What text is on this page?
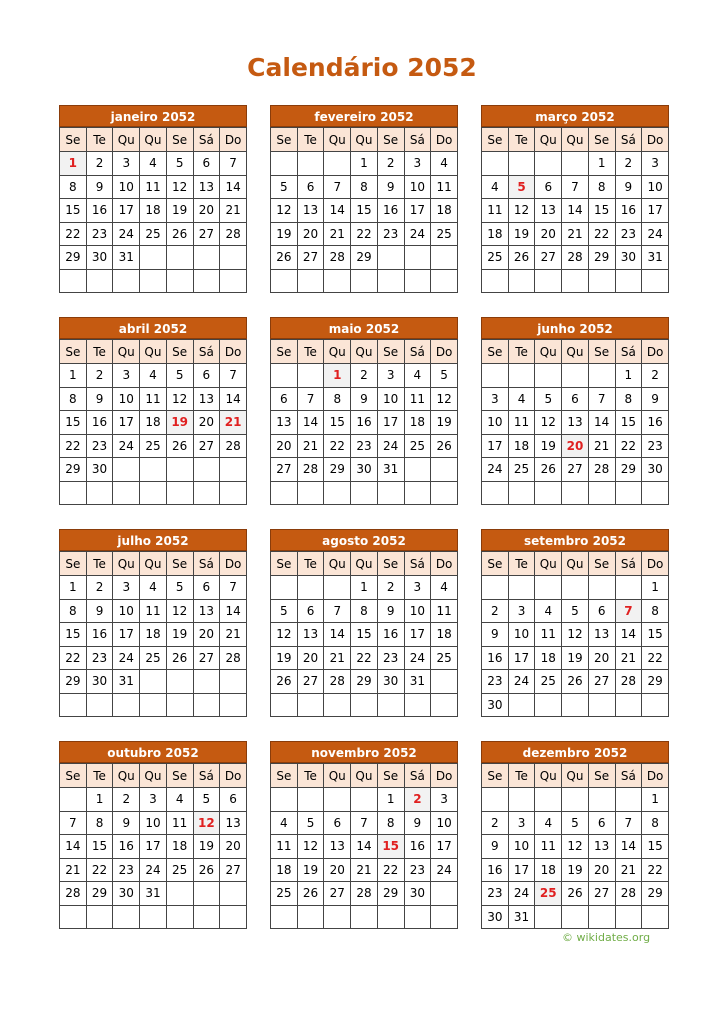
Calendário 2052
janeiro 2052
Se	Te	Qu	Qu	Se	Sá	Do
1	2	3	4	5	6	7
8	9	10	11	12	13	14
15	16	17	18	19	20	21
22	23	24	25	26	27	28
29	30	31				

fevereiro 2052
Se	Te	Qu	Qu	Se	Sá	Do
			1	2	3	4
5	6	7	8	9	10	11
12	13	14	15	16	17	18
19	20	21	22	23	24	25
26	27	28	29			

março 2052
Se	Te	Qu	Qu	Se	Sá	Do
				1	2	3
4	5	6	7	8	9	10
11	12	13	14	15	16	17
18	19	20	21	22	23	24
25	26	27	28	29	30	31

abril 2052
Se	Te	Qu	Qu	Se	Sá	Do
1	2	3	4	5	6	7
8	9	10	11	12	13	14
15	16	17	18	19	20	21
22	23	24	25	26	27	28
29	30					

maio 2052
Se	Te	Qu	Qu	Se	Sá	Do
		1	2	3	4	5
6	7	8	9	10	11	12
13	14	15	16	17	18	19
20	21	22	23	24	25	26
27	28	29	30	31		

junho 2052
Se	Te	Qu	Qu	Se	Sá	Do
					1	2
3	4	5	6	7	8	9
10	11	12	13	14	15	16
17	18	19	20	21	22	23
24	25	26	27	28	29	30

julho 2052
Se	Te	Qu	Qu	Se	Sá	Do
1	2	3	4	5	6	7
8	9	10	11	12	13	14
15	16	17	18	19	20	21
22	23	24	25	26	27	28
29	30	31				

agosto 2052
Se	Te	Qu	Qu	Se	Sá	Do
			1	2	3	4
5	6	7	8	9	10	11
12	13	14	15	16	17	18
19	20	21	22	23	24	25
26	27	28	29	30	31	

setembro 2052
Se	Te	Qu	Qu	Se	Sá	Do
						1
2	3	4	5	6	7	8
9	10	11	12	13	14	15
16	17	18	19	20	21	22
23	24	25	26	27	28	29
30						
outubro 2052
Se	Te	Qu	Qu	Se	Sá	Do
	1	2	3	4	5	6
7	8	9	10	11	12	13
14	15	16	17	18	19	20
21	22	23	24	25	26	27
28	29	30	31			

novembro 2052
Se	Te	Qu	Qu	Se	Sá	Do
				1	2	3
4	5	6	7	8	9	10
11	12	13	14	15	16	17
18	19	20	21	22	23	24
25	26	27	28	29	30	

dezembro 2052
Se	Te	Qu	Qu	Se	Sá	Do
						1
2	3	4	5	6	7	8
9	10	11	12	13	14	15
16	17	18	19	20	21	22
23	24	25	26	27	28	29
30	31					
© wikidates.org
